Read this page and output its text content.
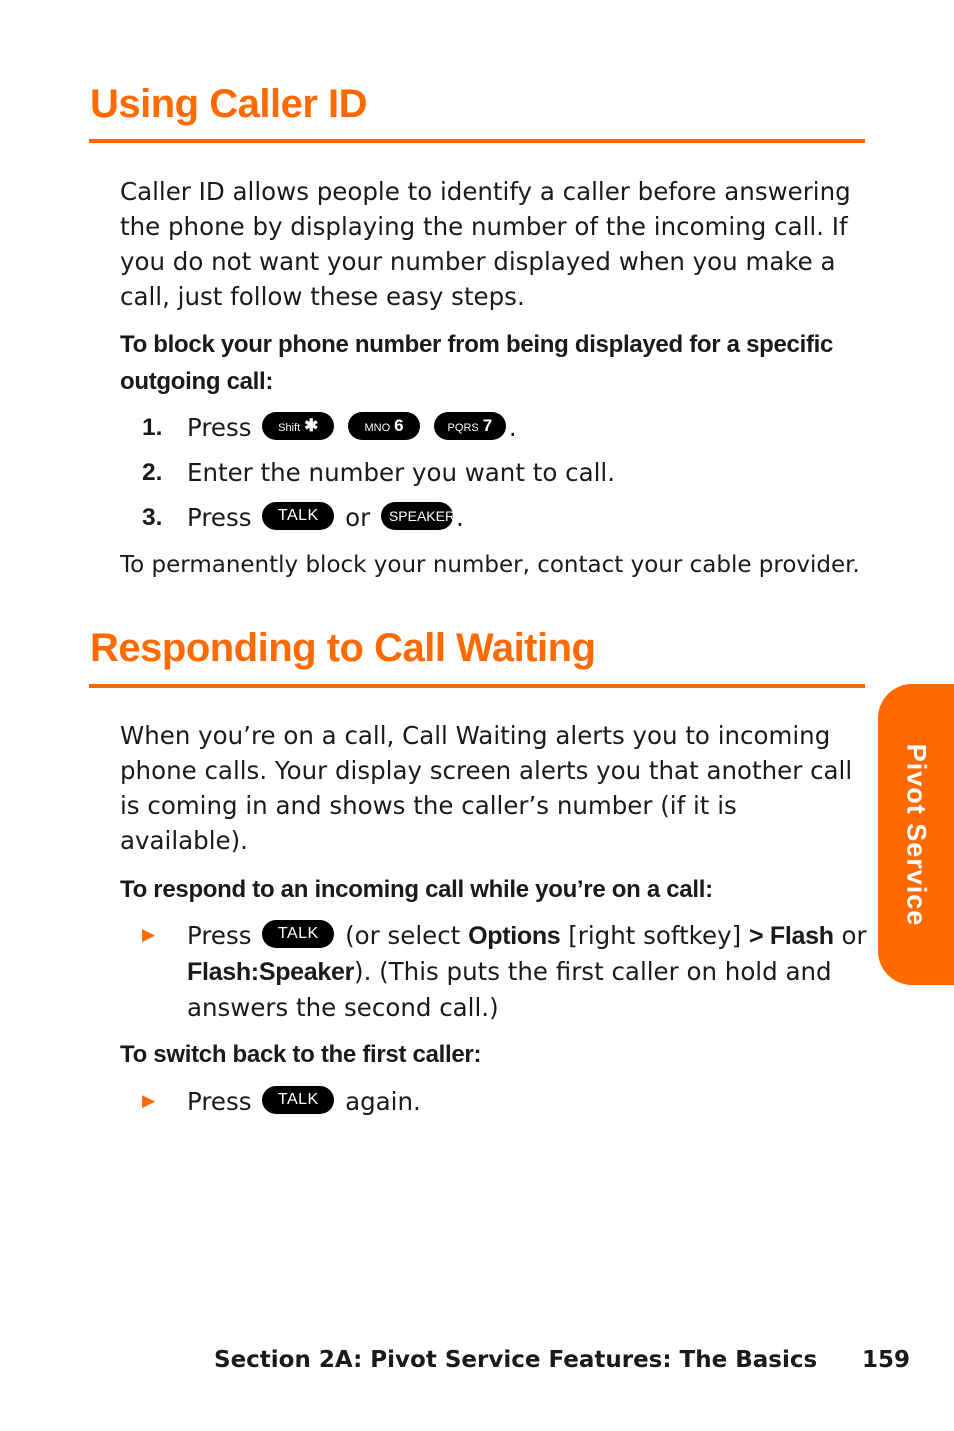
Using Caller ID

Caller ID allows people to identify a caller before answering the phone by displaying the number of the incoming call. If you do not want your number displayed when you make a call, just follow these easy steps.

To block your phone number from being displayed for a specific outgoing call:

1. Press Shift ✱	MNO 6	PQRS 7 .
2. Enter the number you want to call.
3. Press TALK or SPEAKER.

To permanently block your number, contact your cable provider.

Responding to Call Waiting

When you’re on a call, Call Waiting alerts you to incoming phone calls. Your display screen alerts you that another call is coming in and shows the caller’s number (if it is available).

To respond to an incoming call while you’re on a call:

▶ Press TALK (or select Options [right softkey] > Flash or Flash:Speaker). (This puts the first caller on hold and answers the second call.)

To switch back to the first caller:

▶ Press TALK again.
Pivot Service
Section 2A: Pivot Service Features: The Basics 159
